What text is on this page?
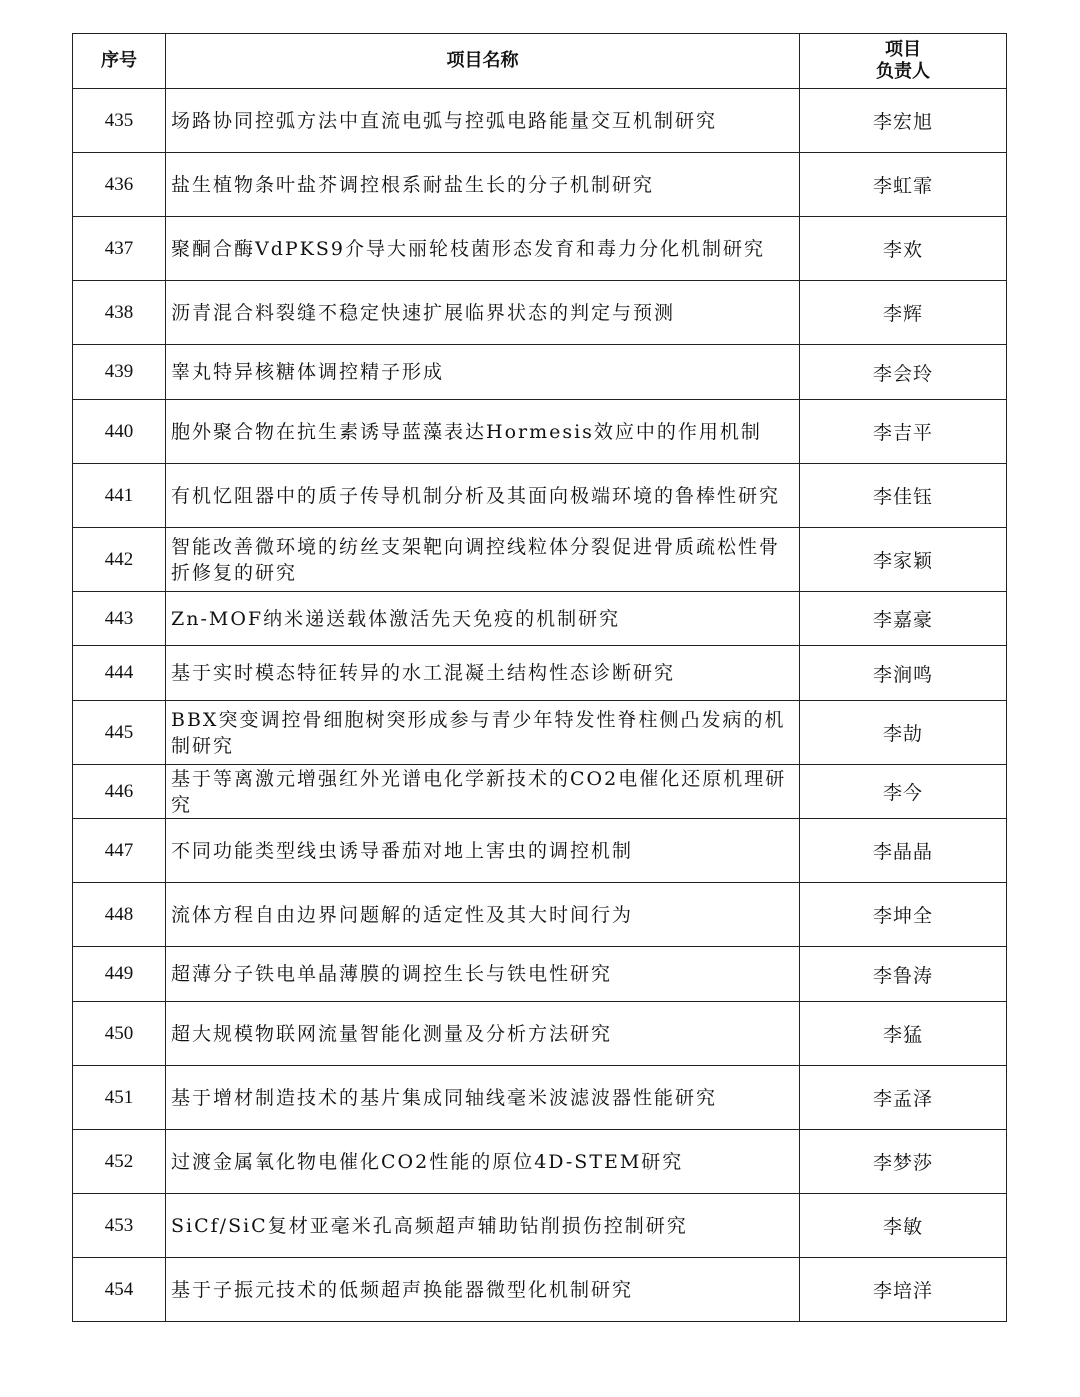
序号	项目名称	项目
负责人
435	场路协同控弧方法中直流电弧与控弧电路能量交互机制研究	李宏旭
436	盐生植物条叶盐芥调控根系耐盐生长的分子机制研究	李虹霏
437	聚酮合酶VdPKS9介导大丽轮枝菌形态发育和毒力分化机制研究	李欢
438	沥青混合料裂缝不稳定快速扩展临界状态的判定与预测	李辉
439	睾丸特异核糖体调控精子形成	李会玲
440	胞外聚合物在抗生素诱导蓝藻表达Hormesis效应中的作用机制	李吉平
441	有机忆阻器中的质子传导机制分析及其面向极端环境的鲁棒性研究	李佳钰
442	智能改善微环境的纺丝支架靶向调控线粒体分裂促进骨质疏松性骨折修复的研究	李家颖
443	Zn-MOF纳米递送载体激活先天免疫的机制研究	李嘉豪
444	基于实时模态特征转异的水工混凝土结构性态诊断研究	李涧鸣
445	BBX突变调控骨细胞树突形成参与青少年特发性脊柱侧凸发病的机制研究	李劼
446	基于等离激元增强红外光谱电化学新技术的CO2电催化还原机理研究	李今
447	不同功能类型线虫诱导番茄对地上害虫的调控机制	李晶晶
448	流体方程自由边界问题解的适定性及其大时间行为	李坤全
449	超薄分子铁电单晶薄膜的调控生长与铁电性研究	李鲁涛
450	超大规模物联网流量智能化测量及分析方法研究	李猛
451	基于增材制造技术的基片集成同轴线毫米波滤波器性能研究	李孟泽
452	过渡金属氧化物电催化CO2性能的原位4D-STEM研究	李梦莎
453	SiCf/SiC复材亚毫米孔高频超声辅助钻削损伤控制研究	李敏
454	基于子振元技术的低频超声换能器微型化机制研究	李培洋
